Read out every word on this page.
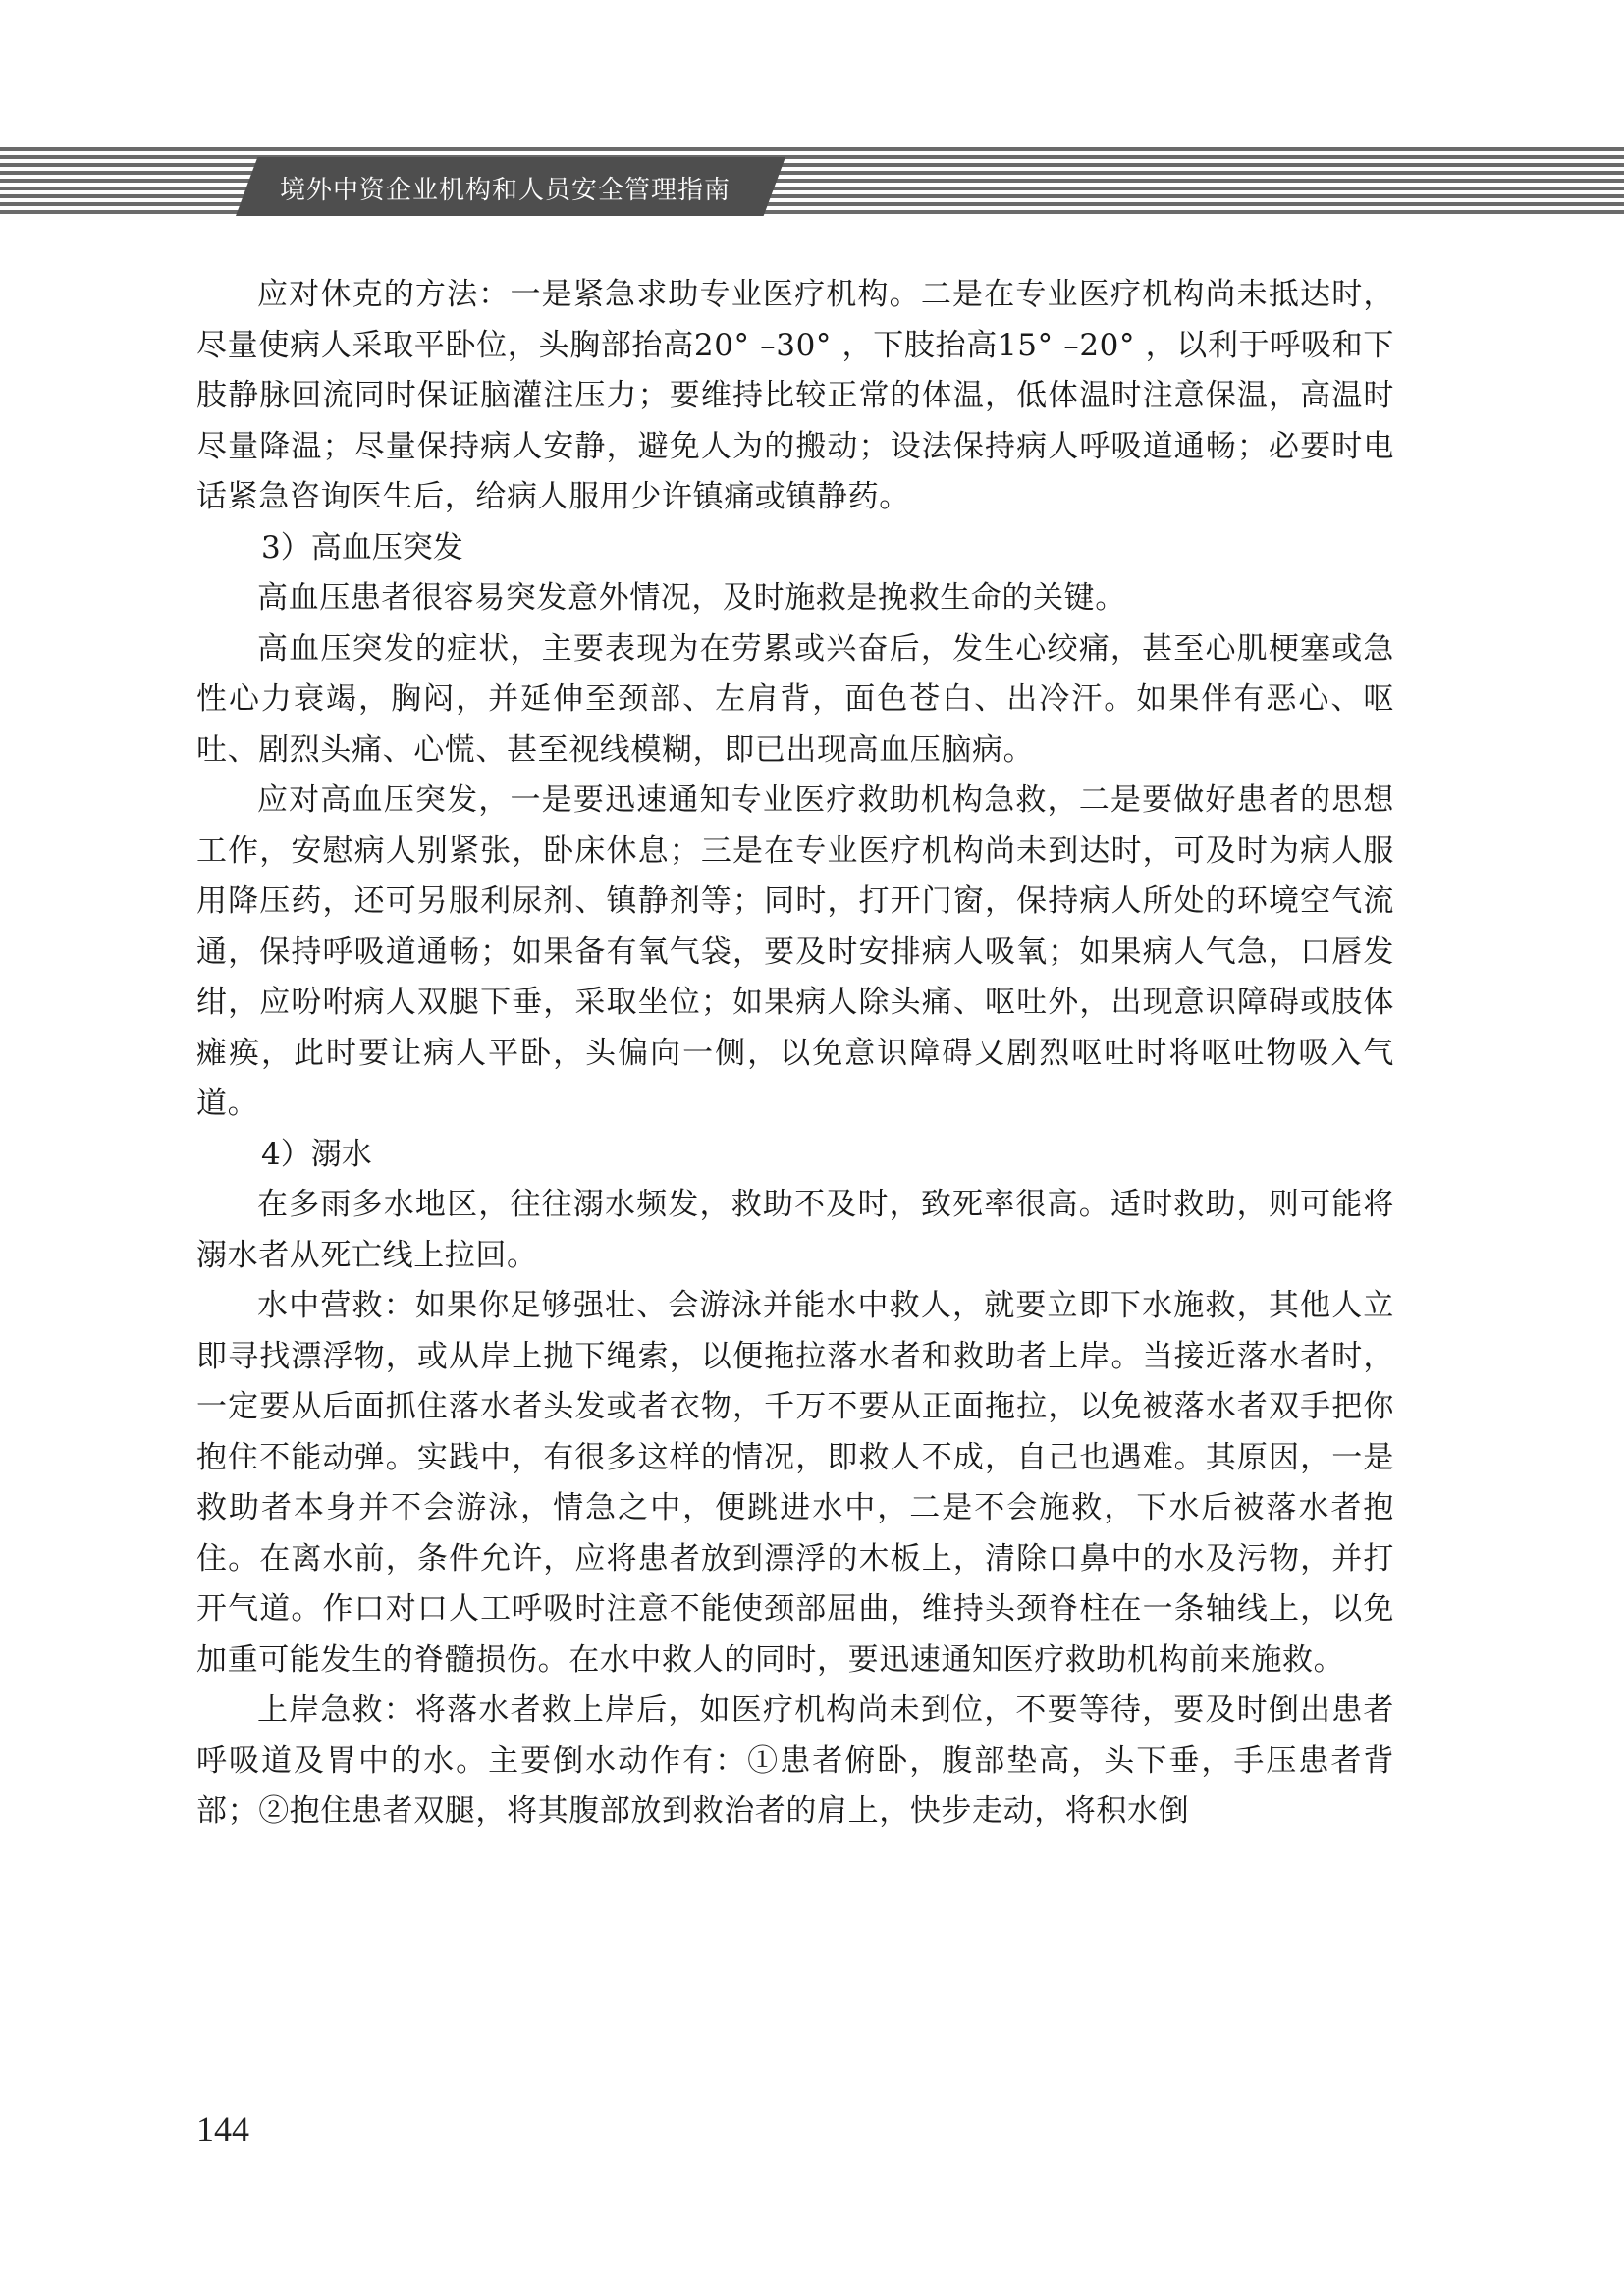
境外中资企业机构和人员安全管理指南

应对休克的方法：一是紧急求助专业医疗机构。二是在专业医疗机构尚未抵达时，尽量使病人采取平卧位，头胸部抬高20° –30° ，下肢抬高15° –20° ，以利于呼吸和下肢静脉回流同时保证脑灌注压力；要维持比较正常的体温，低体温时注意保温，高温时尽量降温；尽量保持病人安静，避免人为的搬动；设法保持病人呼吸道通畅；必要时电话紧急咨询医生后，给病人服用少许镇痛或镇静药。

3）高血压突发

高血压患者很容易突发意外情况，及时施救是挽救生命的关键。

高血压突发的症状，主要表现为在劳累或兴奋后，发生心绞痛，甚至心肌梗塞或急性心力衰竭，胸闷，并延伸至颈部、左肩背，面色苍白、出冷汗。如果伴有恶心、呕吐、剧烈头痛、心慌、甚至视线模糊，即已出现高血压脑病。

应对高血压突发，一是要迅速通知专业医疗救助机构急救，二是要做好患者的思想工作，安慰病人别紧张，卧床休息；三是在专业医疗机构尚未到达时，可及时为病人服用降压药，还可另服利尿剂、镇静剂等；同时，打开门窗，保持病人所处的环境空气流通，保持呼吸道通畅；如果备有氧气袋，要及时安排病人吸氧；如果病人气急，口唇发绀，应吩咐病人双腿下垂，采取坐位；如果病人除头痛、呕吐外，出现意识障碍或肢体瘫痪，此时要让病人平卧，头偏向一侧，以免意识障碍又剧烈呕吐时将呕吐物吸入气道。

4）溺水

在多雨多水地区，往往溺水频发，救助不及时，致死率很高。适时救助，则可能将溺水者从死亡线上拉回。

水中营救：如果你足够强壮、会游泳并能水中救人，就要立即下水施救，其他人立即寻找漂浮物，或从岸上抛下绳索，以便拖拉落水者和救助者上岸。当接近落水者时，一定要从后面抓住落水者头发或者衣物，千万不要从正面拖拉，以免被落水者双手把你抱住不能动弹。实践中，有很多这样的情况，即救人不成，自己也遇难。其原因，一是救助者本身并不会游泳，情急之中，便跳进水中，二是不会施救，下水后被落水者抱住。在离水前，条件允许，应将患者放到漂浮的木板上，清除口鼻中的水及污物，并打开气道。作口对口人工呼吸时注意不能使颈部屈曲，维持头颈脊柱在一条轴线上，以免加重可能发生的脊髓损伤。在水中救人的同时，要迅速通知医疗救助机构前来施救。

上岸急救：将落水者救上岸后，如医疗机构尚未到位，不要等待，要及时倒出患者呼吸道及胃中的水。主要倒水动作有：①患者俯卧，腹部垫高，头下垂，手压患者背部；②抱住患者双腿，将其腹部放到救治者的肩上，快步走动，将积水倒

144
